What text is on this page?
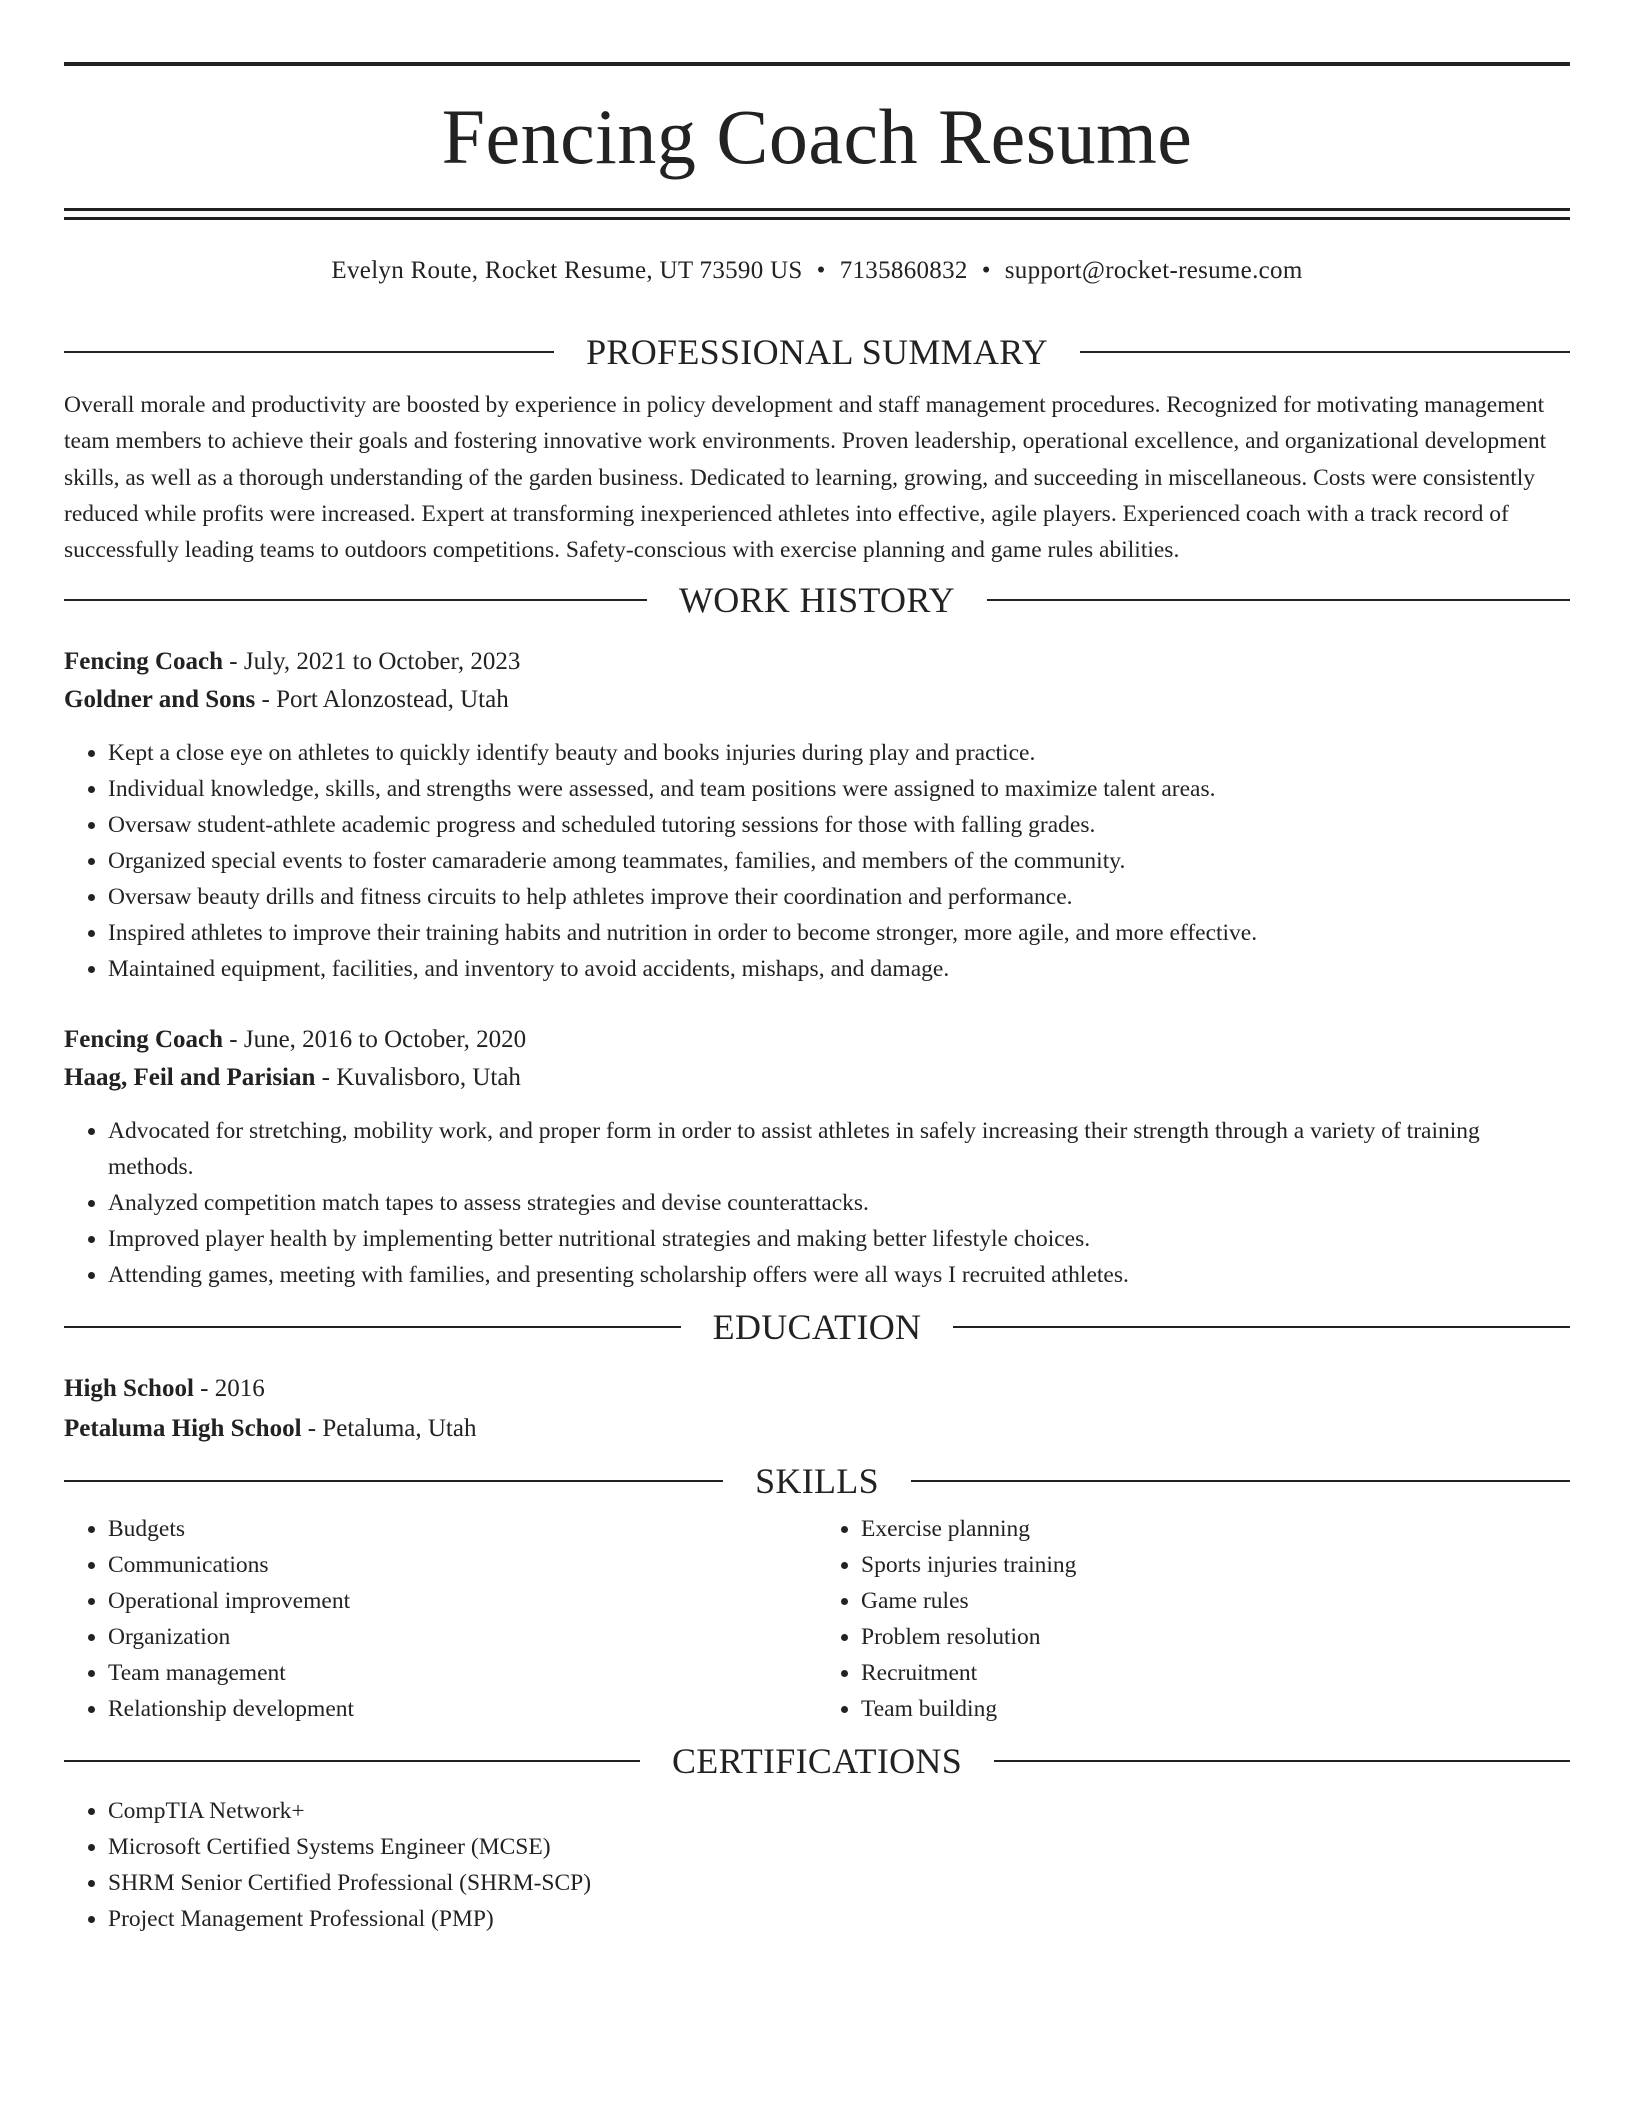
Fencing Coach Resume
Evelyn Route, Rocket Resume, UT 73590 US • 7135860832 • support@rocket-resume.com
PROFESSIONAL SUMMARY

Overall morale and productivity are boosted by experience in policy development and staff management procedures. Recognized for motivating management team members to achieve their goals and fostering innovative work environments. Proven leadership, operational excellence, and organizational development skills, as well as a thorough understanding of the garden business. Dedicated to learning, growing, and succeeding in miscellaneous. Costs were consistently reduced while profits were increased. Expert at transforming inexperienced athletes into effective, agile players. Experienced coach with a track record of successfully leading teams to outdoors competitions. Safety-conscious with exercise planning and game rules abilities.

WORK HISTORY
Fencing Coach - July, 2021 to October, 2023
Goldner and Sons - Port Alonzostead, Utah
• Kept a close eye on athletes to quickly identify beauty and books injuries during play and practice.
• Individual knowledge, skills, and strengths were assessed, and team positions were assigned to maximize talent areas.
• Oversaw student-athlete academic progress and scheduled tutoring sessions for those with falling grades.
• Organized special events to foster camaraderie among teammates, families, and members of the community.
• Oversaw beauty drills and fitness circuits to help athletes improve their coordination and performance.
• Inspired athletes to improve their training habits and nutrition in order to become stronger, more agile, and more effective.
• Maintained equipment, facilities, and inventory to avoid accidents, mishaps, and damage.
Fencing Coach - June, 2016 to October, 2020
Haag, Feil and Parisian - Kuvalisboro, Utah
• Advocated for stretching, mobility work, and proper form in order to assist athletes in safely increasing their strength through a variety of training methods.
• Analyzed competition match tapes to assess strategies and devise counterattacks.
• Improved player health by implementing better nutritional strategies and making better lifestyle choices.
• Attending games, meeting with families, and presenting scholarship offers were all ways I recruited athletes.
EDUCATION
High School - 2016
Petaluma High School - Petaluma, Utah
SKILLS
• Budgets
• Communications
• Operational improvement
• Organization
• Team management
• Relationship development
• Exercise planning
• Sports injuries training
• Game rules
• Problem resolution
• Recruitment
• Team building
CERTIFICATIONS
• CompTIA Network+
• Microsoft Certified Systems Engineer (MCSE)
• SHRM Senior Certified Professional (SHRM-SCP)
• Project Management Professional (PMP)
